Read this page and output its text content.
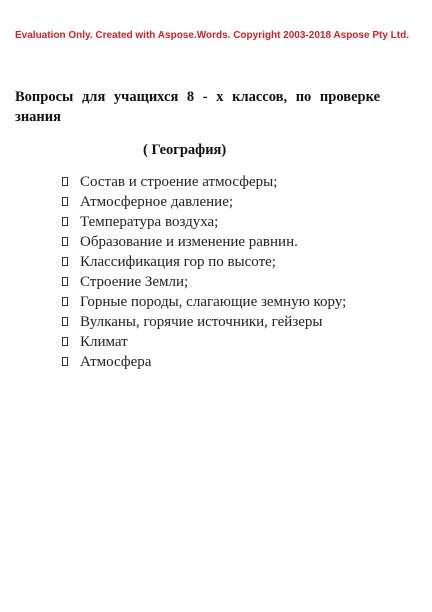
Evaluation Only. Created with Aspose.Words. Copyright 2003-2018 Aspose Pty Ltd.
Вопросы для учащихся 8 - х классов, по проверке
знания
( География)
Состав и строение атмосферы;
Атмосферное давление;
Температура воздуха;
Образование и изменение равнин.
Классификация гор по высоте;
Строение Земли;
Горные породы, слагающие земную кору;
Вулканы, горячие источники, гейзеры
Климат
Атмосфера
